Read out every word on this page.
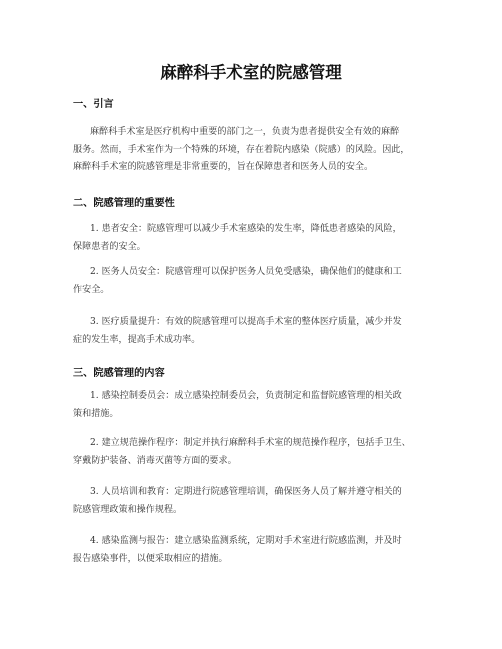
麻醉科手术室的院感管理
一、引言

麻醉科手术室是医疗机构中重要的部门之一，负责为患者提供安全有效的麻醉
服务。然而，手术室作为一个特殊的环境，存在着院内感染（院感）的风险。因此，
麻醉科手术室的院感管理是非常重要的，旨在保障患者和医务人员的安全。

二、院感管理的重要性

1. 患者安全：院感管理可以减少手术室感染的发生率，降低患者感染的风险，
保障患者的安全。

2. 医务人员安全：院感管理可以保护医务人员免受感染，确保他们的健康和工
作安全。

3. 医疗质量提升：有效的院感管理可以提高手术室的整体医疗质量，减少并发
症的发生率，提高手术成功率。

三、院感管理的内容

1. 感染控制委员会：成立感染控制委员会，负责制定和监督院感管理的相关政
策和措施。

2. 建立规范操作程序：制定并执行麻醉科手术室的规范操作程序，包括手卫生、
穿戴防护装备、消毒灭菌等方面的要求。

3. 人员培训和教育：定期进行院感管理培训，确保医务人员了解并遵守相关的
院感管理政策和操作规程。

4. 感染监测与报告：建立感染监测系统，定期对手术室进行院感监测，并及时
报告感染事件，以便采取相应的措施。
